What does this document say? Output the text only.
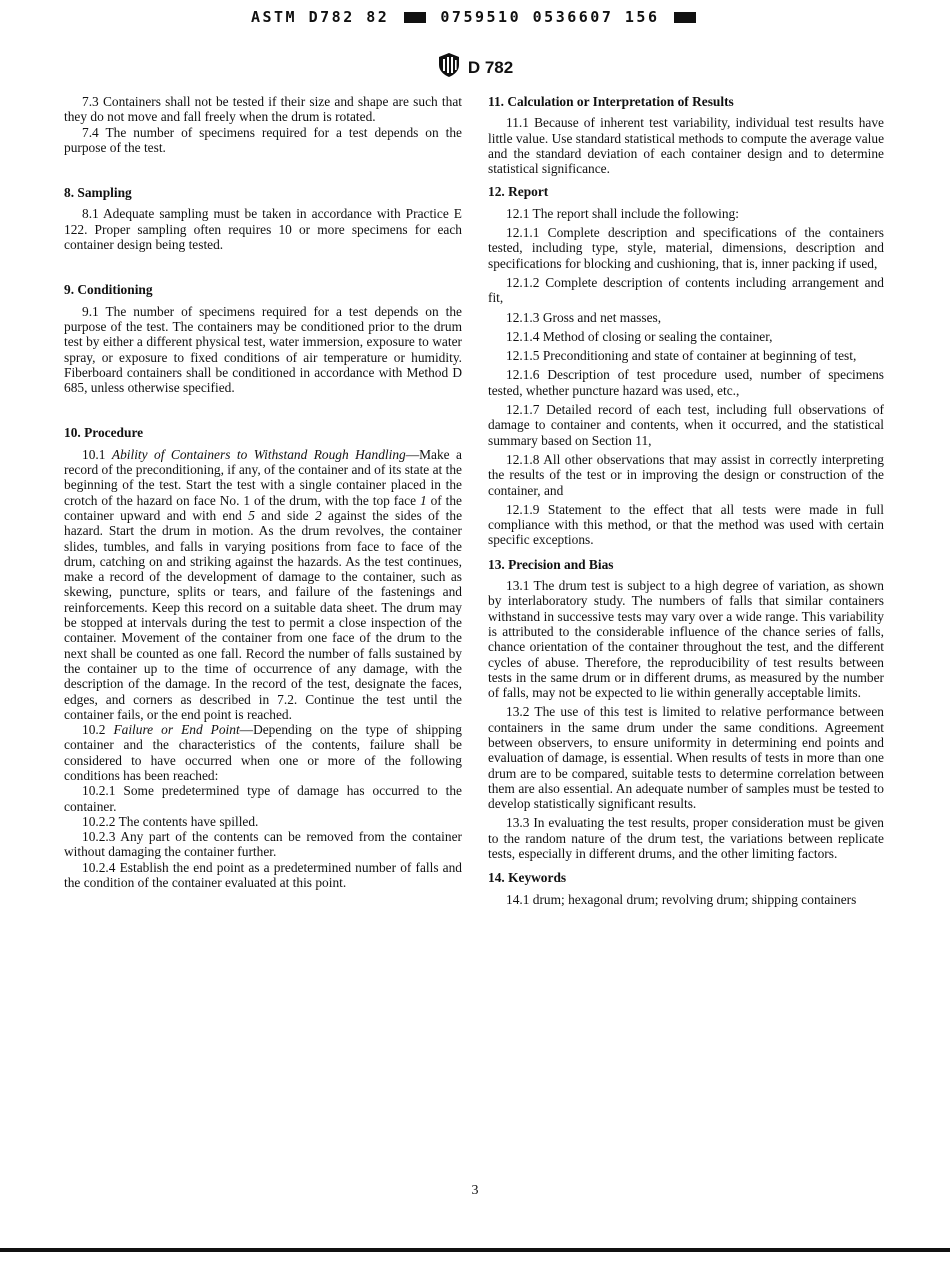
ASTM D782 82	0759510 0536607 156
D 782

7.3 Containers shall not be tested if their size and shape are such that they do not move and fall freely when the drum is rotated.

7.4 The number of specimens required for a test depends on the purpose of the test.

8. Sampling

8.1 Adequate sampling must be taken in accordance with Practice E 122. Proper sampling often requires 10 or more specimens for each container design being tested.

9. Conditioning

9.1 The number of specimens required for a test depends on the purpose of the test. The containers may be conditioned prior to the drum test by either a different physical test, water immersion, exposure to water spray, or exposure to fixed conditions of air temperature or humidity. Fiberboard containers shall be conditioned in accordance with Method D 685, unless otherwise specified.

10. Procedure

10.1 Ability of Containers to Withstand Rough Handling—Make a record of the preconditioning, if any, of the container and of its state at the beginning of the test. Start the test with a single container placed in the crotch of the hazard on face No. 1 of the drum, with the top face 1 of the container upward and with end 5 and side 2 against the sides of the hazard. Start the drum in motion. As the drum revolves, the container slides, tumbles, and falls in varying positions from face to face of the drum, catching on and striking against the hazards. As the test continues, make a record of the development of damage to the container, such as skewing, puncture, splits or tears, and failure of the fastenings and reinforcements. Keep this record on a suitable data sheet. The drum may be stopped at intervals during the test to permit a close inspection of the container. Movement of the container from one face of the drum to the next shall be counted as one fall. Record the number of falls sustained by the container up to the time of occurrence of any damage, with the description of the damage. In the record of the test, designate the faces, edges, and corners as described in 7.2. Continue the test until the container fails, or the end point is reached.

10.2 Failure or End Point—Depending on the type of shipping container and the characteristics of the contents, failure shall be considered to have occurred when one or more of the following conditions has been reached:

10.2.1 Some predetermined type of damage has occurred to the container.

10.2.2 The contents have spilled.

10.2.3 Any part of the contents can be removed from the container without damaging the container further.

10.2.4 Establish the end point as a predetermined number of falls and the condition of the container evaluated at this point.

11. Calculation or Interpretation of Results

11.1 Because of inherent test variability, individual test results have little value. Use standard statistical methods to compute the average value and the standard deviation of each container design and to determine statistical significance.

12. Report

12.1 The report shall include the following:

12.1.1 Complete description and specifications of the containers tested, including type, style, material, dimensions, description and specifications for blocking and cushioning, that is, inner packing if used,

12.1.2 Complete description of contents including arrangement and fit,

12.1.3 Gross and net masses,

12.1.4 Method of closing or sealing the container,

12.1.5 Preconditioning and state of container at beginning of test,

12.1.6 Description of test procedure used, number of specimens tested, whether puncture hazard was used, etc.,

12.1.7 Detailed record of each test, including full observations of damage to container and contents, when it occurred, and the statistical summary based on Section 11,

12.1.8 All other observations that may assist in correctly interpreting the results of the test or in improving the design or construction of the container, and

12.1.9 Statement to the effect that all tests were made in full compliance with this method, or that the method was used with certain specific exceptions.

13. Precision and Bias

13.1 The drum test is subject to a high degree of variation, as shown by interlaboratory study. The numbers of falls that similar containers withstand in successive tests may vary over a wide range. This variability is attributed to the considerable influence of the chance series of falls, chance orientation of the container throughout the test, and the different cycles of abuse. Therefore, the reproducibility of test results between tests in the same drum or in different drums, as measured by the number of falls, may not be expected to lie within generally acceptable limits.

13.2 The use of this test is limited to relative performance between containers in the same drum under the same conditions. Agreement between observers, to ensure uniformity in determining end points and evaluation of damage, is essential. When results of tests in more than one drum are to be compared, suitable tests to determine correlation between them are also essential. An adequate number of samples must be tested to develop statistically significant results.

13.3 In evaluating the test results, proper consideration must be given to the random nature of the drum test, the variations between replicate tests, especially in different drums, and the other limiting factors.

14. Keywords

14.1 drum; hexagonal drum; revolving drum; shipping containers

3
